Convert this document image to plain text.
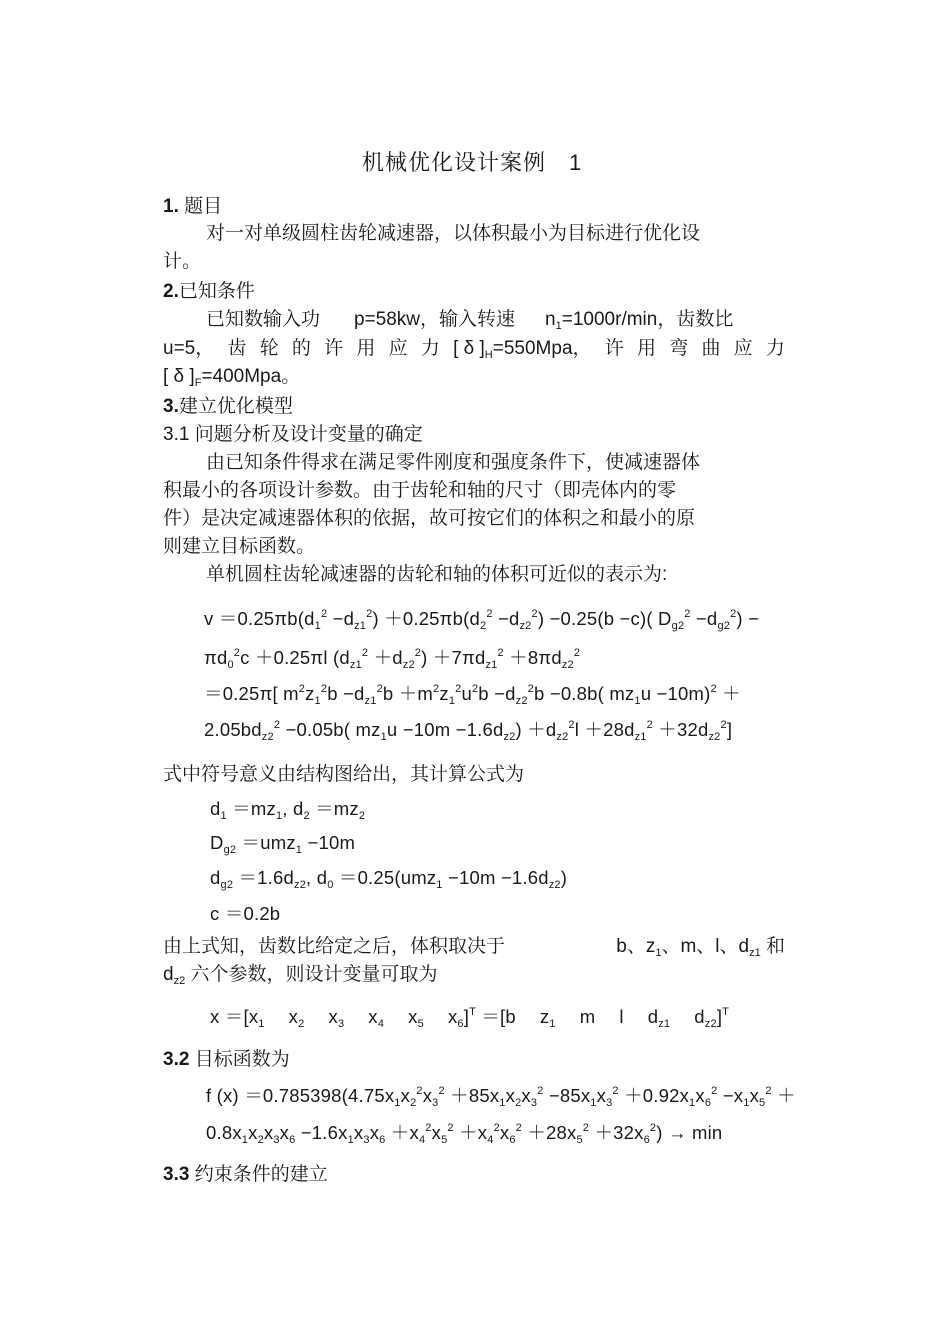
机械优化设计案例　1
1. 题目
对一对单级圆柱齿轮减速器，以体积最小为目标进行优化设
计。
2.已知条件
已知数输入功 p=58kw，输入转速 $n_1=1000r/\min$，齿数比
u=5， 齿 轮 的 许 用 应 力 [ δ ]$_H=550Mpa$， 许 用 弯 曲 应 力
[ δ ]$_F=400Mpa$。
3.建立优化模型
3.1 问题分析及设计变量的确定
由已知条件得求在满足零件刚度和强度条件下，使减速器体
积最小的各项设计参数。由于齿轮和轴的尺寸（即壳体内的零
件）是决定减速器体积的依据，故可按它们的体积之和最小的原
则建立目标函数。
单机圆柱齿轮减速器的齿轮和轴的体积可近似的表示为:
$v =0.25\pi b(d_1^2 -d_{z1}^2) +0.25\pi b(d_2^2 -d_{z2}^2) -0.25(b -c)$( $D_{g2}^2 -d_{g2}^2$) −
$\pi d_0^2c +0.25\pi l$ $(d_{z1}^2 +d_{z2}^2) +7\pi d_{z1}^2 +8\pi d_{z2}^2$
＝0.25π[ $m^2z_1^2b -d_{z1}^2b +m^2z_1^2u^2b -d_{z2}^2b -0.8b$( $mz_1u -10m)^2$ ＋
$2.05bd_{z2}^2 -0.05b$( $mz_1u -10m -1.6d_{z2}) +d_{z2}^2l +28d_{z1}^2 +32d_{z2}^2$]
式中符号意义由结构图给出，其计算公式为
$d_1 =mz_1$, $d_2 =mz_2$
$D_{g2} =umz_1 -10m$
$d_{g2} =1.6d_{z2}$, $d_0 =0.25(umz_1 -10m -1.6d_{z2})$
c ＝0.2b
由上式知，齿数比给定之后，体积取决于	b、$z_1$、m、l、$d_{z1}$ 和
$d_{z2}$ 六个参数，则设计变量可取为
$x =[x_1$　 $x_2$　 $x_3$　 $x_4$　 $x_5$　 $x_6]^T =[b$　 $z_1$　 m　 l　 $d_{z1}$　 $d_{z2}]^T$
3.2 目标函数为
f $(x) =0.785398(4.75x_1x_2^2x_3^2 +85x_1x_2x_3^2 -85x_1x_3^2 +0.92x_1x_6^2 -x_1x_5^2$ ＋
$0.8x_1x_2x_3x_6 -1.6x_1x_3x_6 +x_4^2x_5^2 +x_4^2x_6^2 +28x_5^2 +32x_6^2) \to \min$
3.3 约束条件的建立
